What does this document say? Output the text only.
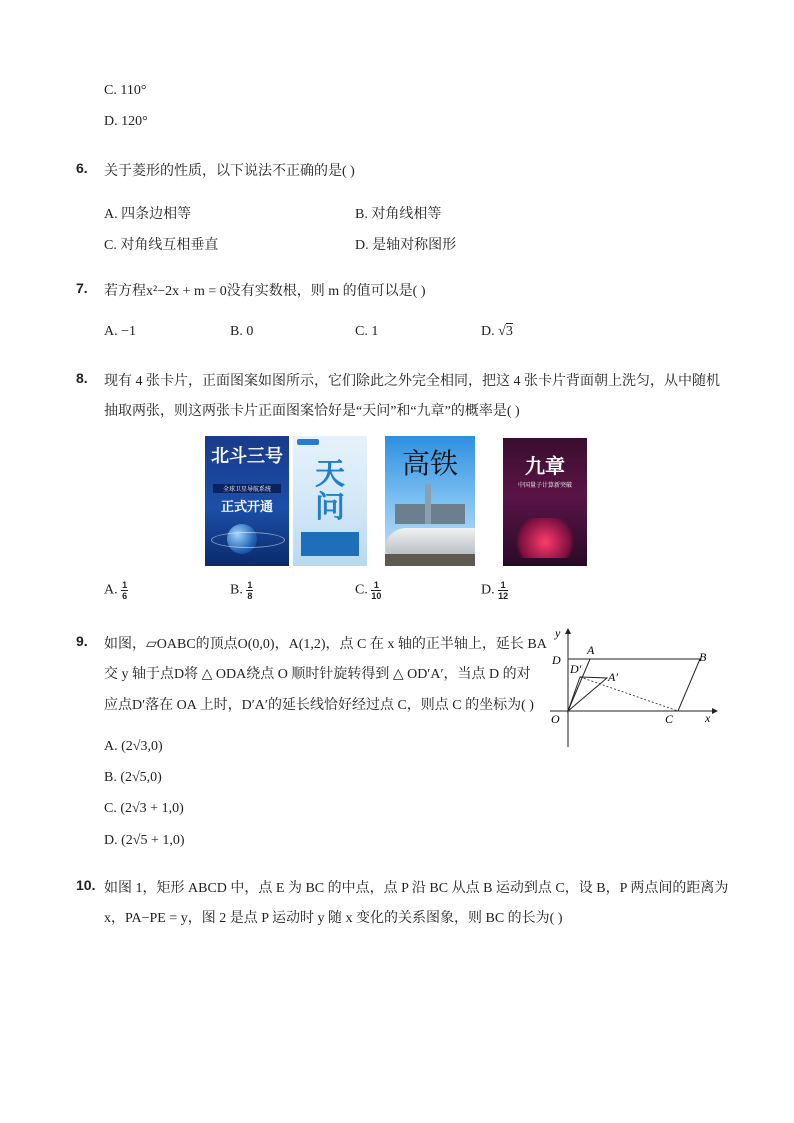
C. 110°
D. 120°
6. 关于菱形的性质，以下说法不正确的是( )
A. 四条边相等	B. 对角线相等
C. 对角线互相垂直	D. 是轴对称图形
7. 若方程x²−2x + m = 0没有实数根，则 m 的值可以是( )
A. −1	B. 0	C. 1	D. √3
8. 现有 4 张卡片，正面图案如图所示，它们除此之外完全相同，把这 4 张卡片背面朝上洗匀，从中随机
抽取两张，则这两张卡片正面图案恰好是“天问”和“九章”的概率是( )
北斗三号
全球卫星导航系统
正式开通
天问
高铁	九章
中国量子计算新突破
A. $\frac{1}{6}$	B. $\frac{1}{8}$	C. $\frac{1}{10}$	D. $\frac{1}{12}$
9. 如图，▱OABC的顶点O(0,0)，A(1,2)，点 C 在 x 轴的正半轴上，延长 BA
交 y 轴于点D将 △ ODA绕点 O 顺时针旋转得到 △ OD′A′，当点 D 的对
应点D′落在 OA 上时，D′A′的延长线恰好经过点 C，则点 C 的坐标为( )
A. (2√3,0)
B. (2√5,0)
C. (2√3 + 1,0)
D. (2√5 + 1,0)
y
x
O	C
D
A	B
D′
A′
10. 如图 1，矩形 ABCD 中，点 E 为 BC 的中点，点 P 沿 BC 从点 B 运动到点 C，设 B，P 两点间的距离为
x，PA−PE = y，图 2 是点 P 运动时 y 随 x 变化的关系图象，则 BC 的长为( )
